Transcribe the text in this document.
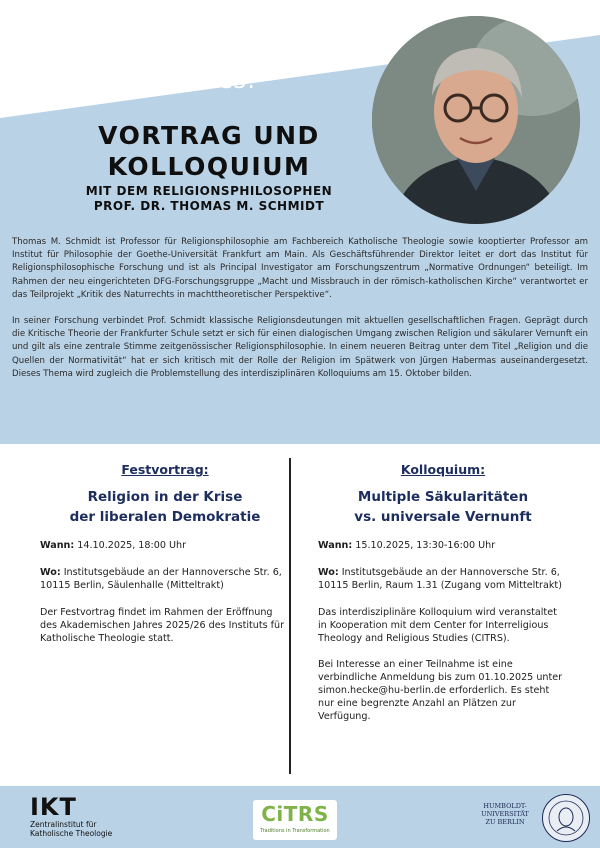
Save the Dates!
VORTRAG UND
KOLLOQUIUM
MIT DEM RELIGIONSPHILOSOPHEN
PROF. DR. THOMAS M. SCHMIDT

Thomas M. Schmidt ist Professor für Religionsphilosophie am Fachbereich Katholische Theologie sowie kooptierter Professor am Institut für Philosophie der Goethe-Universität Frankfurt am Main. Als Geschäftsführender Direktor leitet er dort das Institut für Religionsphilosophische Forschung und ist als Principal Investigator am Forschungszentrum „Normative Ordnungen“ beteiligt. Im Rahmen der neu eingerichteten DFG-Forschungsgruppe „Macht und Missbrauch in der römisch-katholischen Kirche“ verantwortet er das Teilprojekt „Kritik des Naturrechts in machttheoretischer Perspektive“.

In seiner Forschung verbindet Prof. Schmidt klassische Religionsdeutungen mit aktuellen gesellschaftlichen Fragen. Geprägt durch die Kritische Theorie der Frankfurter Schule setzt er sich für einen dialogischen Umgang zwischen Religion und säkularer Vernunft ein und gilt als eine zentrale Stimme zeitgenössischer Religionsphilosophie. In einem neueren Beitrag unter dem Titel „Religion und die Quellen der Normativität“ hat er sich kritisch mit der Rolle der Religion im Spätwerk von Jürgen Habermas auseinandergesetzt. Dieses Thema wird zugleich die Problemstellung des interdisziplinären Kolloquiums am 15. Oktober bilden.

Festvortrag:

Religion in der Krise
der liberalen Demokratie

Wann: 14.10.2025, 18:00 Uhr

Wo: Institutsgebäude an der Hannoversche Str. 6, 10115 Berlin, Säulenhalle (Mitteltrakt)

Der Festvortrag findet im Rahmen der Eröffnung des Akademischen Jahres 2025/26 des Instituts für Katholische Theologie statt.

Kolloquium:

Multiple Säkularitäten
vs. universale Vernunft

Wann: 15.10.2025, 13:30-16:00 Uhr

Wo: Institutsgebäude an der Hannoversche Str. 6, 10115 Berlin, Raum 1.31 (Zugang vom Mitteltrakt)

Das interdisziplinäre Kolloquium wird veranstaltet in Kooperation mit dem Center for Interreligious Theology and Religious Studies (CITRS).

Bei Interesse an einer Teilnahme ist eine verbindliche Anmeldung bis zum 01.10.2025 unter simon.hecke@hu-berlin.de erforderlich. Es steht nur eine begrenzte Anzahl an Plätzen zur Verfügung.

IKT
Zentralinstitut für
Katholische Theologie
CiTRS
Traditions in Transformation
HUMBOLDT-
UNIVERSITÄT
ZU BERLIN
